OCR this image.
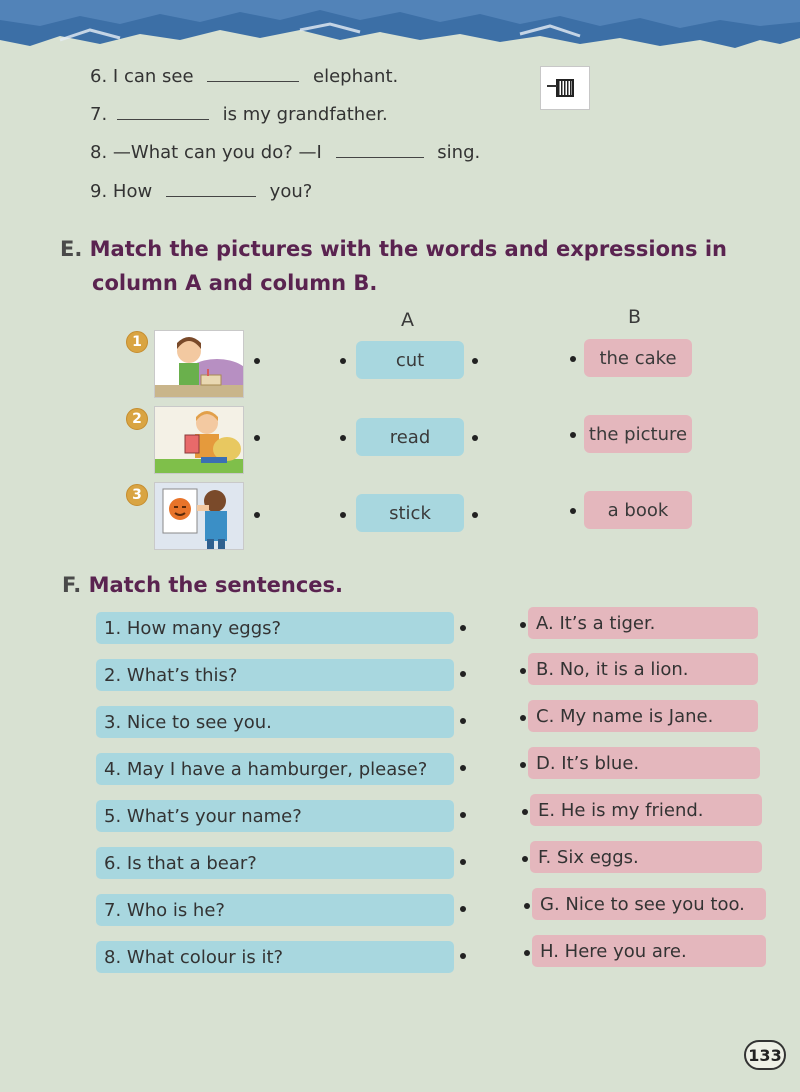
6. I can see	elephant.
7.	is my grandfather.
8. —What can you do? —I	sing.
9. How	you?
E. Match the pictures with the words and expressions in
column A and column B.
A	B
1
2
3
cut
read
stick
the cake
the picture
a book
F. Match the sentences.
1. How many eggs?
2. What’s this?
3. Nice to see you.
4. May I have a hamburger, please?
5. What’s your name?
6. Is that a bear?
7. Who is he?
8. What colour is it?
A. It’s a tiger.
B. No, it is a lion.
C. My name is Jane.
D. It’s blue.
E. He is my friend.
F. Six eggs.
G. Nice to see you too.
H. Here you are.
133
